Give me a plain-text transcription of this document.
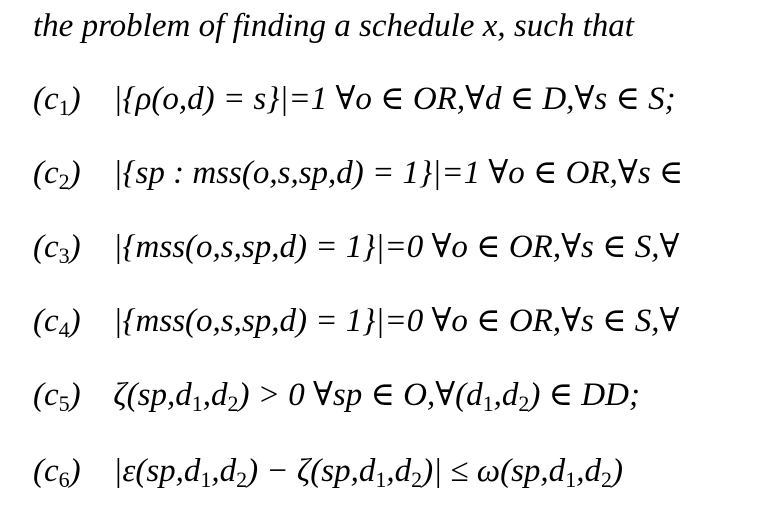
the problem of finding a schedule x, such that
$(c_1) |\{\rho(o,d) = s\}|=1$ ∀o ∈ OR,∀d ∈ D,∀s ∈ S;
$(c_2)$ |{sp : mss(o,s,sp,d) = 1}|=1 ∀o ∈ OR,∀s ∈
$(c_3) |\{mss(o,s,sp,d) = 1\}|=0$ ∀o ∈ OR,∀s ∈ S,∀
$(c_4) |\{mss(o,s,sp,d) = 1\}|=0$ ∀o ∈ OR,∀s ∈ S,∀
$(c_5) \zeta(sp,d_1,d_2) > 0$ ∀sp ∈ $O,\forall(d_1,d_2)$ ∈ DD;
$(c_6) |\varepsilon(sp,d_1,d_2) - \zeta(sp,d_1,d_2)| \le \omega(sp,d_1,d_2)$
